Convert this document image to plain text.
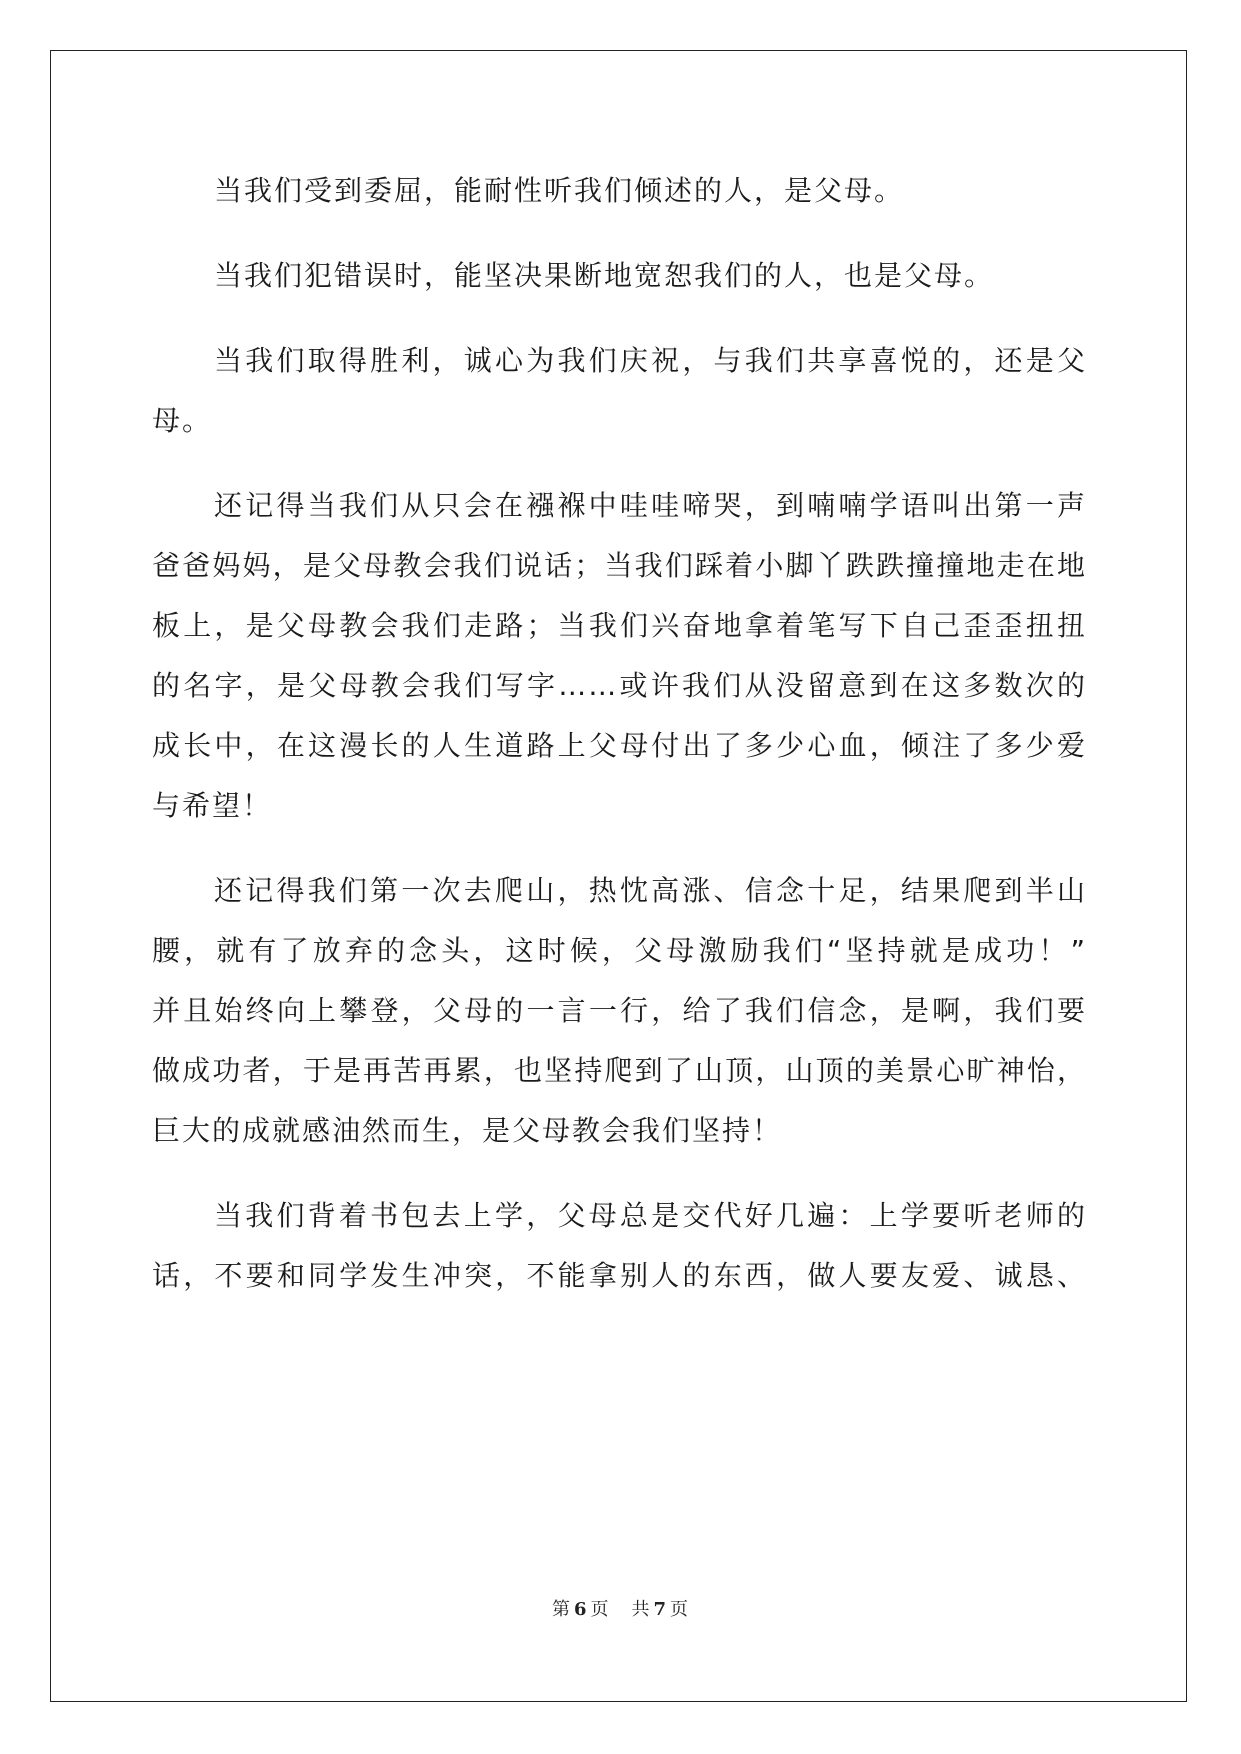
当我们受到委屈，能耐性听我们倾述的人，是父母。
当我们犯错误时，能坚决果断地宽恕我们的人，也是父母。
当我们取得胜利，诚心为我们庆祝，与我们共享喜悦的，还是父
母。
还记得当我们从只会在襁褓中哇哇啼哭，到喃喃学语叫出第一声
爸爸妈妈，是父母教会我们说话；当我们踩着小脚丫跌跌撞撞地走在地
板上，是父母教会我们走路；当我们兴奋地拿着笔写下自己歪歪扭扭
的名字，是父母教会我们写字……或许我们从没留意到在这多数次的
成长中，在这漫长的人生道路上父母付出了多少心血，倾注了多少爱
与希望！
还记得我们第一次去爬山，热忱高涨、信念十足，结果爬到半山
腰，就有了放弃的念头，这时候，父母激励我们“坚持就是成功！”
并且始终向上攀登，父母的一言一行，给了我们信念，是啊，我们要
做成功者，于是再苦再累，也坚持爬到了山顶，山顶的美景心旷神怡，
巨大的成就感油然而生，是父母教会我们坚持！
当我们背着书包去上学，父母总是交代好几遍：上学要听老师的
话，不要和同学发生冲突，不能拿别人的东西，做人要友爱、诚恳、
第 6 页 共 7 页
